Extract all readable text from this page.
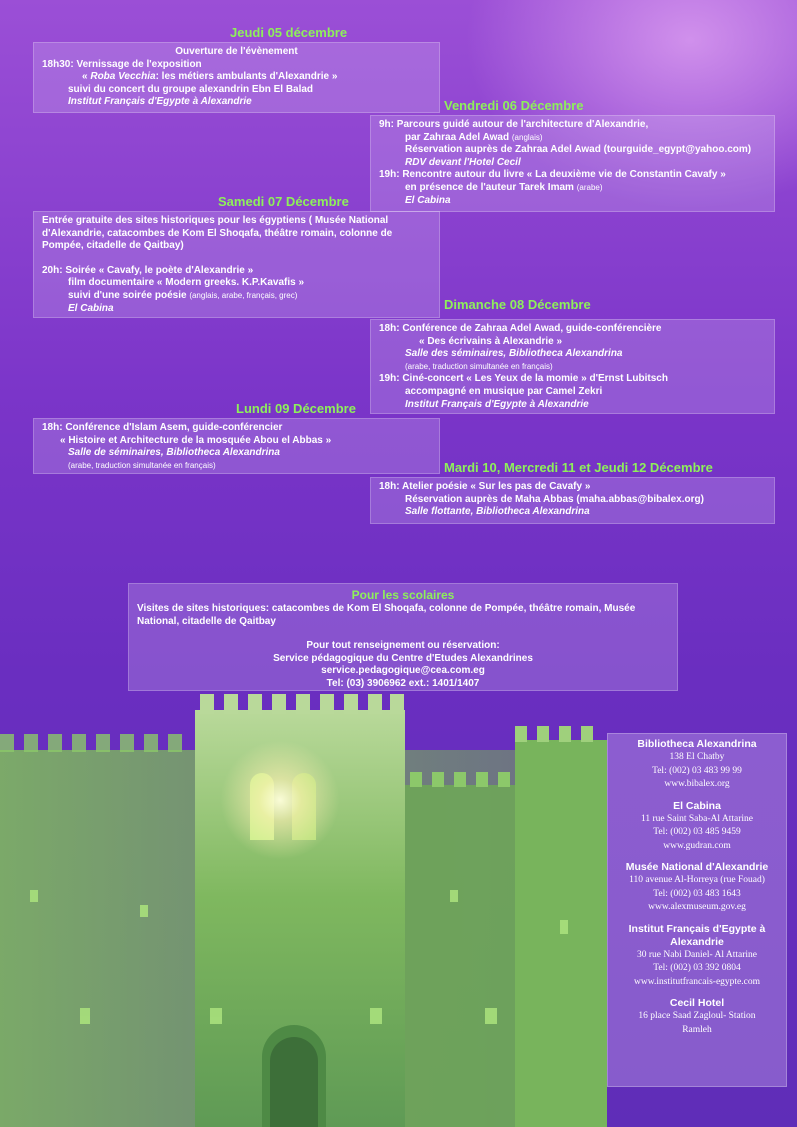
Jeudi 05 décembre
Ouverture de l'évènement
18h30: Vernissage de l'exposition
« Roba Vecchia: les métiers ambulants d'Alexandrie »
suivi du concert du groupe alexandrin Ebn El Balad
Institut Français d'Egypte à Alexandrie	Vendredi 06 Décembre
9h: Parcours guidé autour de l'architecture d'Alexandrie,
par Zahraa Adel Awad (anglais)
Réservation auprès de Zahraa Adel Awad (tourguide_egypt@yahoo.com)
RDV devant l'Hotel Cecil
19h: Rencontre autour du livre « La deuxième vie de Constantin Cavafy »
en présence de l'auteur Tarek Imam (arabe)
El Cabina
Samedi 07 Décembre
Entrée gratuite des sites historiques pour les égyptiens ( Musée National
d'Alexandrie, catacombes de Kom El Shoqafa, théâtre romain, colonne de
Pompée, citadelle de Qaitbay)
20h: Soirée « Cavafy, le poète d'Alexandrie »
film documentaire « Modern greeks. K.P.Kavafis »
suivi d'une soirée poésie (anglais, arabe, français, grec)
El Cabina	Dimanche 08 Décembre
18h: Conférence de Zahraa Adel Awad, guide-conférencière
« Des écrivains à Alexandrie »
Salle des séminaires, Bibliotheca Alexandrina
(arabe, traduction simultanée en français)
19h: Ciné-concert « Les Yeux de la momie » d'Ernst Lubitsch
accompagné en musique par Camel Zekri
Institut Français d'Egypte à Alexandrie
Lundi 09 Décembre
18h: Conférence d'Islam Asem, guide-conférencier
« Histoire et Architecture de la mosquée Abou el Abbas »
Salle de séminaires, Bibliotheca Alexandrina
(arabe, traduction simultanée en français)	Mardi 10, Mercredi 11 et Jeudi 12 Décembre
18h: Atelier poésie « Sur les pas de Cavafy »
Réservation auprès de Maha Abbas (maha.abbas@bibalex.org)
Salle flottante, Bibliotheca Alexandrina
Pour les scolaires
Visites de sites historiques: catacombes de Kom El Shoqafa, colonne de Pompée, théâtre romain, Musée
National, citadelle de Qaitbay
Pour tout renseignement ou réservation:
Service pédagogique du Centre d'Etudes Alexandrines
service.pedagogique@cea.com.eg
Tel: (03) 3906962 ext.: 1401/1407
Bibliotheca Alexandrina
138 El Chatby
Tel: (002) 03 483 99 99
www.bibalex.org
El Cabina
11 rue Saint Saba-Al Attarine
Tel: (002) 03 485 9459
www.gudran.com
Musée National d'Alexandrie
110 avenue Al-Horreya (rue Fouad)
Tel: (002) 03 483 1643
www.alexmuseum.gov.eg
Institut Français d'Egypte à
Alexandrie
30 rue Nabi Daniel- Al Attarine
Tel: (002) 03 392 0804
www.institutfrancais-egypte.com
Cecil Hotel
16 place Saad Zagloul- Station
Ramleh
